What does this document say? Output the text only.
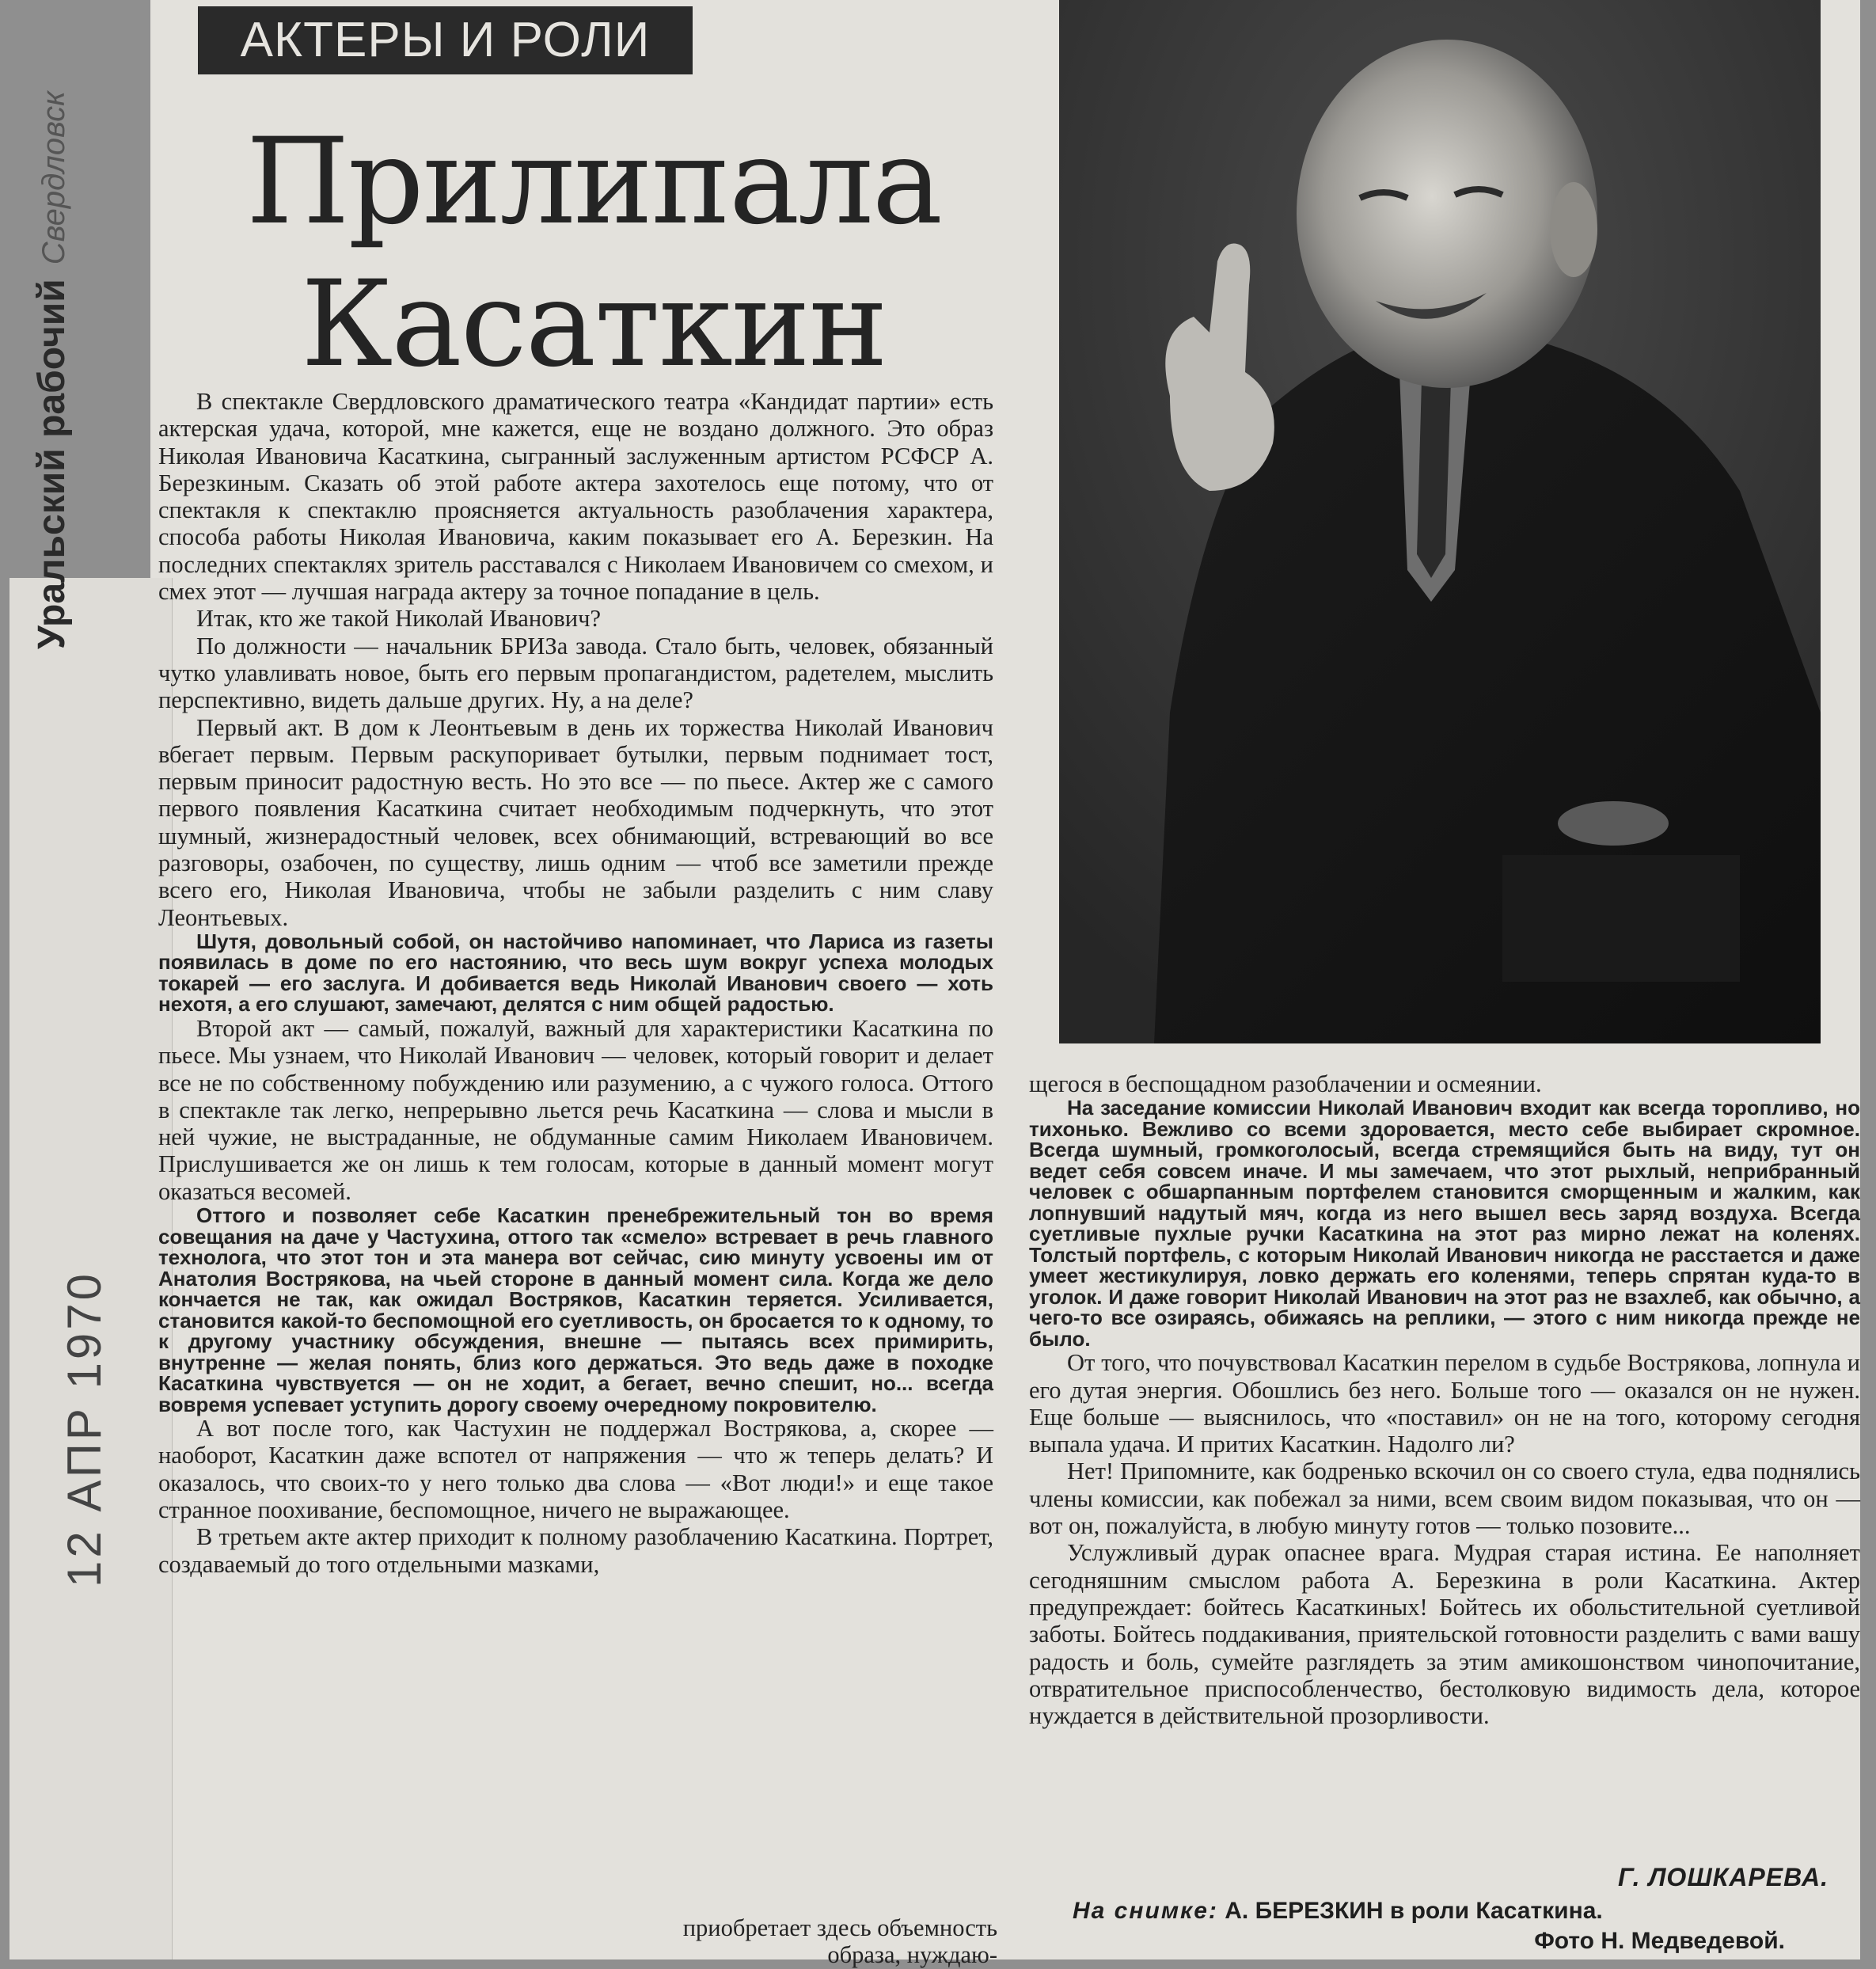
Уральский рабочийСвердловск
12 АПР 1970
АКТЕРЫ И РОЛИ
Прилипала
Касаткин

В спектакле Свердловского драматического театра «Кандидат партии» есть актерская удача, которой, мне кажется, еще не воздано должного. Это образ Николая Ивановича Касаткина, сыгранный заслуженным артистом РСФСР А. Березкиным. Сказать об этой работе актера захотелось еще потому, что от спектакля к спектаклю проясняется актуальность разоблачения характера, способа работы Николая Ивановича, каким показывает его А. Березкин. На последних спектаклях зритель расставался с Николаем Ивановичем со смехом, и смех этот — лучшая награда актеру за точное попадание в цель.

Итак, кто же такой Николай Иванович?

По должности — начальник БРИЗа завода. Стало быть, человек, обязанный чутко улавливать новое, быть его первым пропагандистом, радетелем, мыслить перспективно, видеть дальше других. Ну, а на деле?

Первый акт. В дом к Леонтьевым в день их торжества Николай Иванович вбегает первым. Первым раскупоривает бутылки, первым поднимает тост, первым приносит радостную весть. Но это все — по пьесе. Актер же с самого первого появления Касаткина считает необходимым подчеркнуть, что этот шумный, жизнерадостный человек, всех обнимающий, встревающий во все разговоры, озабочен, по существу, лишь одним — чтоб все заметили прежде всего его, Николая Ивановича, чтобы не забыли разделить с ним славу Леонтьевых.

Шутя, довольный собой, он настойчиво напоминает, что Лариса из газеты появилась в доме по его настоянию, что весь шум вокруг успеха молодых токарей — его заслуга. И добивается ведь Николай Иванович своего — хоть нехотя, а его слушают, замечают, делятся с ним общей радостью.

Второй акт — самый, пожалуй, важный для характеристики Касаткина по пьесе. Мы узнаем, что Николай Иванович — человек, который говорит и делает все не по собственному побуждению или разумению, а с чужого голоса. Оттого в спектакле так легко, непрерывно льется речь Касаткина — слова и мысли в ней чужие, не выстраданные, не обдуманные самим Николаем Ивановичем. Прислушивается же он лишь к тем голосам, которые в данный момент могут оказаться весомей.

Оттого и позволяет себе Касаткин пренебрежительный тон во время совещания на даче у Частухина, оттого так «смело» встревает в речь главного технолога, что этот тон и эта манера вот сейчас, сию минуту усвоены им от Анатолия Вострякова, на чьей стороне в данный момент сила. Когда же дело кончается не так, как ожидал Востряков, Касаткин теряется. Усиливается, становится какой-то беспомощной его суетливость, он бросается то к одному, то к другому участнику обсуждения, внешне — пытаясь всех примирить, внутренне — желая понять, близ кого держаться. Это ведь даже в походке Касаткина чувствуется — он не ходит, а бегает, вечно спешит, но... всегда вовремя успевает уступить дорогу своему очередному покровителю.

А вот после того, как Частухин не поддержал Вострякова, а, скорее — наоборот, Касаткин даже вспотел от напряжения — что ж теперь делать? И оказалось, что своих-то у него только два слова — «Вот люди!» и еще такое странное поохивание, беспомощное, ничего не выражающее.

В третьем акте актер приходит к полному разоблачению Касаткина. Портрет, создаваемый до того отдельными мазками,

приобретает здесь объемность образа, нуждаю-

щегося в беспощадном разоблачении и осмеянии.

На заседание комиссии Николай Иванович входит как всегда торопливо, но тихонько. Вежливо со всеми здоровается, место себе выбирает скромное. Всегда шумный, громкоголосый, всегда стремящийся быть на виду, тут он ведет себя совсем иначе. И мы замечаем, что этот рыхлый, неприбранный человек с обшарпанным портфелем становится сморщенным и жалким, как лопнувший надутый мяч, когда из него вышел весь заряд воздуха. Всегда суетливые пухлые ручки Касаткина на этот раз мирно лежат на коленях. Толстый портфель, с которым Николай Иванович никогда не расстается и даже умеет жестикулируя, ловко держать его коленями, теперь спрятан куда-то в уголок. И даже говорит Николай Иванович на этот раз не взахлеб, как обычно, а чего-то все озираясь, обижаясь на реплики, — этого с ним никогда прежде не было.

От того, что почувствовал Касаткин перелом в судьбе Вострякова, лопнула и его дутая энергия. Обошлись без него. Больше того — оказался он не нужен. Еще больше — выяснилось, что «поставил» он не на того, которому сегодня выпала удача. И притих Касаткин. Надолго ли?

Нет! Припомните, как бодренько вскочил он со своего стула, едва поднялись члены комиссии, как побежал за ними, всем своим видом показывая, что он — вот он, пожалуйста, в любую минуту готов — только позовите...

Услужливый дурак опаснее врага. Мудрая старая истина. Ее наполняет сегодняшним смыслом работа А. Березкина в роли Касаткина. Актер предупреждает: бойтесь Касаткиных! Бойтесь их обольстительной суетливой заботы. Бойтесь поддакивания, приятельской готовности разделить с вами вашу радость и боль, сумейте разглядеть за этим амикошонством чинопочитание, отвратительное приспособленчество, бестолковую видимость дела, которое нуждается в действительной прозорливости.

Г. ЛОШКАРЕВА.
На снимке: А. БЕРЕЗКИН в роли Касаткина.
Фото Н. Медведевой.
